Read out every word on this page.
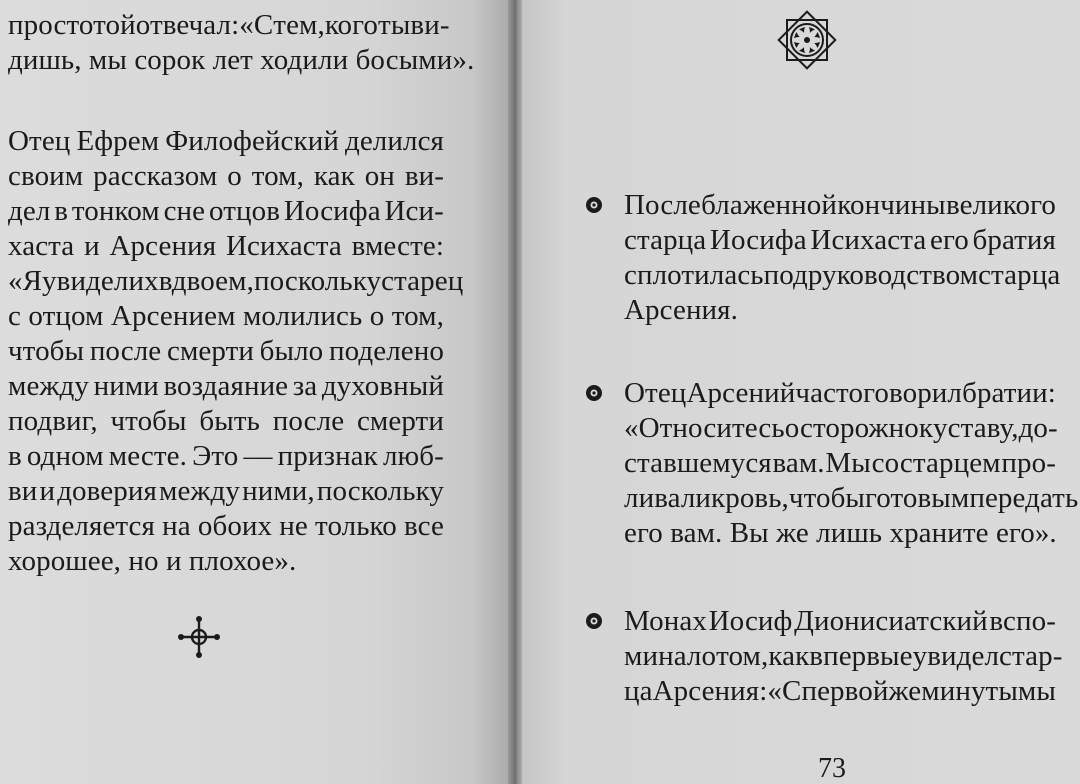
простотой отвечал: «С тем, кого ты ви-
дишь, мы сорок лет ходили босыми».
Отец Ефрем Филофейский делился
своим рассказом о том, как он ви-
дел в тонком сне отцов Иосифа Иси-
хаста и Арсения Исихаста вместе:
«Я увидел их вдвоем, поскольку старец
с отцом Арсением молились о том,
чтобы после смерти было поделено
между ними воздаяние за духовный
подвиг, чтобы быть после смерти
в одном месте. Это — признак люб-
ви и доверия между ними, поскольку
разделяется на обоих не только все
хорошее, но и плохое».
После блаженной кончины великого
старца Иосифа Исихаста его братия
сплотилась под руководством старца
Арсения.
Отец Арсений часто говорил братии:
«Относитесь осторожно к уставу, до-
ставшемуся вам. Мы со старцем про-
ливали кровь, чтобы готовым передать
его вам. Вы же лишь храните его».
Монах Иосиф Дионисиатский вспо-
минал о том, как впервые увидел стар-
ца Арсения: «С первой же минуты мы
73
